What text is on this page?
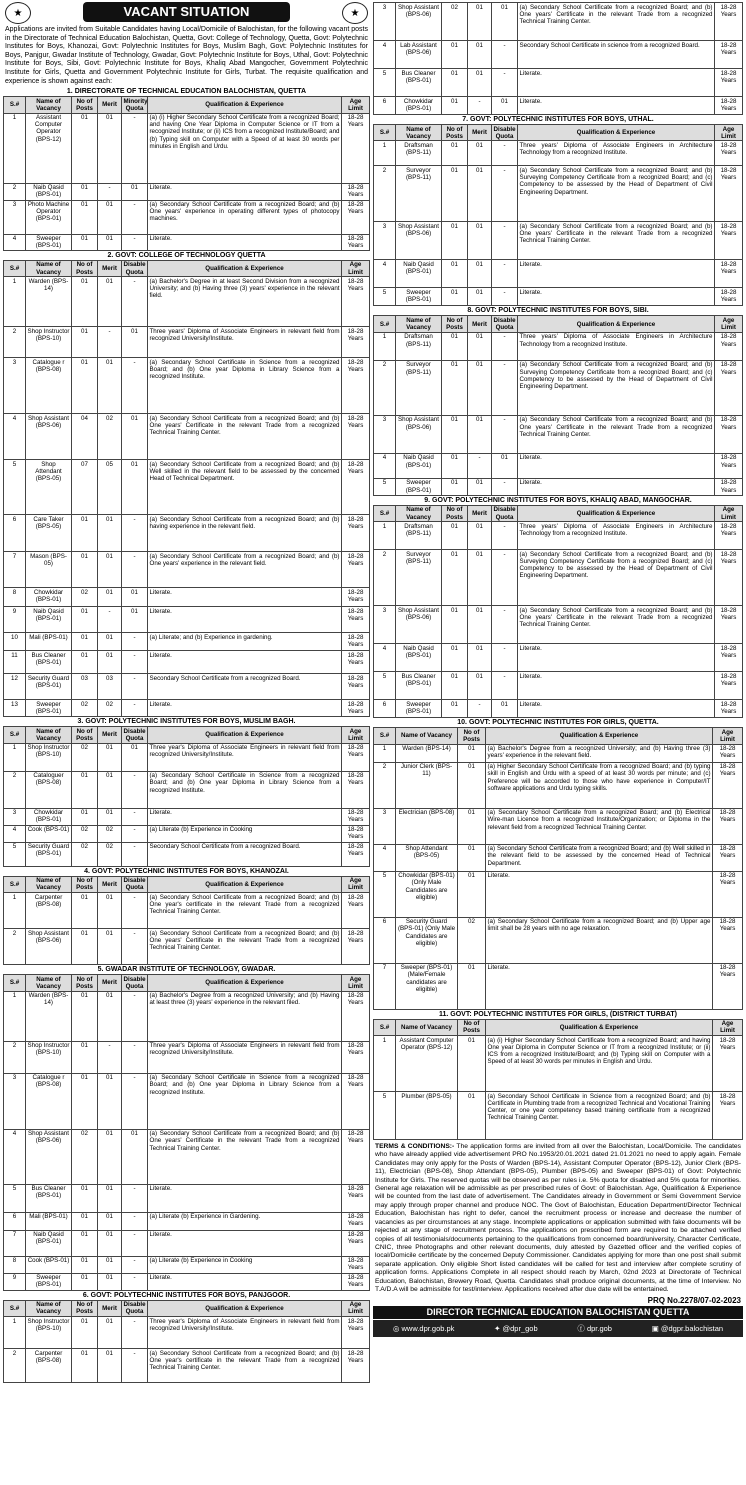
★	VACANT SITUATION	★
Applications are invited from Suitable Candidates having Local/Domicile of Balochistan, for the following vacant posts in the Directorate of Technical Education Balochistan, Quetta, Govt: College of Technology, Quetta, Govt: Polytechnic Institutes for Boys, Khanozai, Govt: Polytechnic Institutes for Boys, Muslim Bagh, Govt: Polytechnic Institutes for Boys, Panjgur, Gwadar Institute of Technology, Gwadar, Govt: Polytechnic Institute for Boys, Uthal, Govt: Polytechnic Institute for Boys, Sibi, Govt: Polytechnic Institute for Boys, Khaliq Abad Mangocher, Government Polytechnic Institute for Girls, Quetta and Government Polytechnic Institute for Girls, Turbat. The requisite qualification and experience is shown against each:
1. DIRECTORATE OF TECHNICAL EDUCATION BALOCHISTAN, QUETTA
S.#	Name of Vacancy	No of Posts	Merit	Minority Quota	Qualification & Experience	Age Limit
1	Assistant Computer Operator (BPS-12)	01	01	-	(a) (i) Higher Secondary School Certificate from a recognized Board; and having One Year Diploma in Computer Science or IT from a recognized Institute; or (ii) ICS from a recognized Institute/Board; and (b) Typing skill on Computer with a Speed of at least 30 words per minutes in English and Urdu.	18-28 Years
2	Naib Qasid (BPS-01)	01	-	01	Literate.	18-28 Years
3	Photo Machine Operator (BPS-01)	01	01	-	(a) Secondary School Certificate from a recognized Board; and (b) One years' experience in operating different types of photocopy machines.	18-28 Years
4	Sweeper (BPS-01)	01	01	-	Literate.	18-28 Years
2. GOVT: COLLEGE OF TECHNOLOGY QUETTA
S.#	Name of Vacancy	No of Posts	Merit	Disable Quota	Qualification & Experience	Age Limit
1	Warden (BPS-14)	01	01	-	(a) Bachelor's Degree in at least Second Division from a recognized University; and (b) Having three (3) years' experience in the relevant field.	18-28 Years
2	Shop Instructor (BPS-10)	01	-	01	Three years' Diploma of Associate Engineers in relevant field from recognized University/Institute.	18-28 Years
3	Catalogue r (BPS-08)	01	01	-	(a) Secondary School Certificate in Science from a recognized Board; and (b) One year Diploma in Library Science from a recognized Institute.	18-28 Years
4	Shop Assistant (BPS-06)	04	02	01	(a) Secondary School Certificate from a recognized Board; and (b) One years' Certificate in the relevant Trade from a recognized Technical Training Center.	18-28 Years
5	Shop Attendant (BPS-05)	07	05	01	(a) Secondary School Certificate from a recognized Board; and (b) Well skilled in the relevant field to be assessed by the concerned Head of Technical Department.	18-28 Years
6	Care Taker (BPS-05)	01	01	-	(a) Secondary School Certificate from a recognized Board; and (b) having experience in the relevant field.	18-28 Years
7	Mason (BPS-05)	01	01	-	(a) Secondary School Certificate from a recognized Board; and (b) One years' experience in the relevant field.	18-28 Years
8	Chowkidar (BPS-01)	02	01	01	Literate.	18-28 Years
9	Naib Qasid (BPS-01)	01	-	01	Literate.	18-28 Years
10	Mali (BPS-01)	01	01	-	(a) Literate; and (b) Experience in gardening.	18-28 Years
11	Bus Cleaner (BPS-01)	01	01	-	Literate.	18-28 Years
12	Security Guard (BPS-01)	03	03	-	Secondary School Certificate from a recognized Board.	18-28 Years
13	Sweeper (BPS-01)	02	02	-	Literate.	18-28 Years
3. GOVT: POLYTECHNIC INSTITUTES FOR BOYS, MUSLIM BAGH.
S.#	Name of Vacancy	No of Posts	Merit	Disable Quota	Qualification & Experience	Age Limit
1	Shop Instructor (BPS-10)	02	01	01	Three year's Diploma of Associate Engineers in relevant field from recognized University/Institute.	18-28 Years
2	Cataloguer (BPS-08)	01	01	-	(a) Secondary School Certificate in Science from a recognized Board; and (b) One year Diploma in Library Science from a recognized Institute.	18-28 Years
3	Chowkidar (BPS-01)	01	01	-	Literate.	18-28 Years
4	Cook (BPS-01)	02	02	-	(a) Literate (b) Experience in Cooking	18-28 Years
5	Security Guard (BPS-01)	02	02	-	Secondary School Certificate from a recognized Board.	18-28 Years
4. GOVT: POLYTECHNIC INSTITUTES FOR BOYS, KHANOZAI.
S.#	Name of Vacancy	No of Posts	Merit	Disable Quota	Qualification & Experience	Age Limit
1	Carpenter (BPS-08)	01	01	-	(a) Secondary School Certificate from a recognized Board; and (b) One year's certificate in the relevant Trade from a recognized Technical Training Center.	18-28 Years
2	Shop Assistant (BPS-06)	01	01	-	(a) Secondary School Certificate from a recognized Board; and (b) One years' Certificate in the relevant Trade from a recognized Technical Training Center.	18-28 Years
5. GWADAR INSTITUTE OF TECHNOLOGY, GWADAR.
S.#	Name of Vacancy	No of Posts	Merit	Disable Quota	Qualification & Experience	Age Limit
1	Warden (BPS-14)	01	01	-	(a) Bachelor's Degree from a recognized University; and (b) Having at least three (3) years' experience in the relevant filed.	18-28 Years
2	Shop Instructor (BPS-10)	01	-	-	Three year's Diploma of Associate Engineers in relevant field from recognized University/Institute.	18-28 Years
3	Catalogue r (BPS-08)	01	01	-	(a) Secondary School Certificate in Science from a recognized Board; and (b) One year Diploma in Library Science from a recognized Institute.	18-28 Years
4	Shop Assistant (BPS-06)	02	01	01	(a) Secondary School Certificate from a recognized Board; and (b) One years' Certificate in the relevant Trade from a recognized Technical Training Center.	18-28 Years
5	Bus Cleaner (BPS-01)	01	01	-	Literate.	18-28 Years
6	Mali (BPS-01)	01	01	-	(a) Literate (b) Experience in Gardening.	18-28 Years
7	Naib Qasid (BPS-01)	01	01	-	Literate.	18-28 Years
8	Cook (BPS-01)	01	01	-	(a) Literate (b) Experience in Cooking	18-28 Years
9	Sweeper (BPS-01)	01	01	-	Literate.	18-28 Years
6. GOVT: POLYTECHNIC INSTITUTES FOR BOYS, PANJGOOR.
S.#	Name of Vacancy	No of Posts	Merit	Disable Quota	Qualification & Experience	Age Limit
1	Shop Instructor (BPS-10)	01	01	-	Three year's Diploma of Associate Engineers in relevant field from recognized University/Institute.	18-28 Years
2	Carpenter (BPS-08)	01	01	-	(a) Secondary School Certificate from a recognized Board; and (b) One year's certificate in the relevant Trade from a recognized Technical Training Center.	18-28 Years
3	Shop Assistant (BPS-06)	02	01	01	(a) Secondary School Certificate from a recognized Board; and (b) One years' Certificate in the relevant Trade from a recognized Technical Training Center.	18-28 Years
4	Lab Assistant (BPS-06)	01	01	-	Secondary School Certificate in science from a recognized Board.	18-28 Years
5	Bus Cleaner (BPS-01)	01	01	-	Literate.	18-28 Years
6	Chowkidar (BPS-01)	01	-	01	Literate.	18-28 Years
7. GOVT: POLYTECHNIC INSTITUTES FOR BOYS, UTHAL.
S.#	Name of Vacancy	No of Posts	Merit	Disable Quota	Qualification & Experience	Age Limit
1	Draftsman (BPS-11)	01	01	-	Three years' Diploma of Associate Engineers in Architecture Technology from a recognized Institute.	18-28 Years
2	Surveyor (BPS-11)	01	01	-	(a) Secondary School Certificate from a recognized Board; and (b) Surveying Competency Certificate from a recognized Board; and (c) Competency to be assessed by the Head of Department of Civil Engineering Department.	18-28 Years
3	Shop Assistant (BPS-06)	01	01	-	(a) Secondary School Certificate from a recognized Board; and (b) One years' Certificate in the relevant Trade from a recognized Technical Training Center.	18-28 Years
4	Naib Qasid (BPS-01)	01	01	-	Literate.	18-28 Years
5	Sweeper (BPS-01)	01	01	-	Literate.	18-28 Years
8. GOVT: POLYTECHNIC INSTITUTES FOR BOYS, SIBI.
S.#	Name of Vacancy	No of Posts	Merit	Disable Quota	Qualification & Experience	Age Limit
1	Draftsman (BPS-11)	01	01	-	Three years' Diploma of Associate Engineers in Architecture Technology from a recognized Institute.	18-28 Years
2	Surveyor (BPS-11)	01	01	-	(a) Secondary School Certificate from a recognized Board; and (b) Surveying Competency Certificate from a recognized Board; and (c) Competency to be assessed by the Head of Department of Civil Engineering Department.	18-28 Years
3	Shop Assistant (BPS-06)	01	01	-	(a) Secondary School Certificate from a recognized Board; and (b) One years' Certificate in the relevant Trade from a recognized Technical Training Center.	18-28 Years
4	Naib Qasid (BPS-01)	01	-	01	Literate.	18-28 Years
5	Sweeper (BPS-01)	01	01	-	Literate.	18-28 Years
9. GOVT: POLYTECHNIC INSTITUTES FOR BOYS, KHALIQ ABAD, MANGOCHAR.
S.#	Name of Vacancy	No of Posts	Merit	Disable Quota	Qualification & Experience	Age Limit
1	Draftsman (BPS-11)	01	01	-	Three years' Diploma of Associate Engineers in Architecture Technology from a recognized Institute.	18-28 Years
2	Surveyor (BPS-11)	01	01	-	(a) Secondary School Certificate from a recognized Board; and (b) Surveying Competency Certificate from a recognized Board; and (c) Competency to be assessed by the Head of Department of Civil Engineering Department.	18-28 Years
3	Shop Assistant (BPS-06)	01	01	-	(a) Secondary School Certificate from a recognized Board; and (b) One years' Certificate in the relevant Trade from a recognized Technical Training Center.	18-28 Years
4	Naib Qasid (BPS-01)	01	01	-	Literate.	18-28 Years
5	Bus Cleaner (BPS-01)	01	01	-	Literate.	18-28 Years
6	Sweeper (BPS-01)	01	-	01	Literate.	18-28 Years
10. GOVT: POLYTECHNIC INSTITUTES FOR GIRLS, QUETTA.
S.#	Name of Vacancy	No of Posts	Qualification & Experience	Age Limit
1	Warden (BPS-14)	01	(a) Bachelor's Degree from a recognized University; and (b) Having three (3) years' experience in the relevant field.	18-28 Years
2	Junior Clerk (BPS-11)	01	(a) Higher Secondary School Certificate from a recognized Board; and (b) typing skill in English and Urdu with a speed of at least 30 words per minute; and (c) Preference will be accorded to those who have experience in Computer/IT software applications and Urdu typing skills.	18-28 Years
3	Electrician (BPS-08)	01	(a) Secondary School Certificate from a recognized Board; and (b) Electrical Wire-man Licence from a recognized Institute/Organization; or Diploma in the relevant field from a recognized Technical Training Center.	18-28 Years
4	Shop Attendant (BPS-05)	01	(a) Secondary School Certificate from a recognized Board; and (b) Well skilled in the relevant field to be assessed by the concerned Head of Technical Department.	18-28 Years
5	Chowkidar (BPS-01) (Only Male Candidates are eligible)	01	Literate.	18-28 Years
6	Security Guard (BPS-01) (Only Male Candidates are eligible)	02	(a) Secondary School Certificate from a recognized Board; and (b) Upper age limit shall be 28 years with no age relaxation.	18-28 Years
7	Sweeper (BPS-01) (Male/Female candidates are eligible)	01	Literate.	18-28 Years
11. GOVT: POLYTECHNIC INSTITUTES FOR GIRLS, (DISTRICT TURBAT)
S.#	Name of Vacancy	No of Posts	Qualification & Experience	Age Limit
1	Assistant Computer Operator (BPS-12)	01	(a) (i) Higher Secondary School Certificate from a recognized Board; and having One year Diploma in Computer Science or IT from a recognized Institute; or (ii) ICS from a recognized Institute/Board; and (b) Typing skill on Computer with a Speed of at least 30 words per minutes in English and Urdu.	18-28 Years
5	Plumber (BPS-05)	01	(a) Secondary School Certificate in Science from a recognized Board; and (b) Certificate in Plumbing trade from a recognized Technical and Vocational Training Center, or one year competency based training certificate from a recognized Technical Training Center.	18-28 Years
TERMS & CONDITIONS:- The application forms are invited from all over the Balochistan, Local/Domicile. The candidates who have already applied vide advertisement PRO No.1953/20.01.2021 dated 21.01.2021 no need to apply again. Female Candidates may only apply for the Posts of Warden (BPS-14), Assistant Computer Operator (BPS-12), Junior Clerk (BPS-11), Electrician (BPS-08), Shop Attendant (BPS-05), Plumber (BPS-05) and Sweeper (BPS-01) of Govt: Polytechnic Institute for Girls. The reserved quotas will be observed as per rules i.e. 5% quota for disabled and 5% quota for minorities. General age relaxation will be admissible as per prescribed rules of Govt: of Balochistan. Age, Qualification & Experience will be counted from the last date of advertisement. The Candidates already in Government or Semi Government Service may apply through proper channel and produce NOC. The Govt of Balochistan, Education Department/Director Technical Education, Balochistan has right to defer, cancel the recruitment process or increase and decrease the number of vacancies as per circumstances at any stage. Incomplete applications or application submitted with fake documents will be rejected at any stage of recruitment process. The applications on prescribed form are required to be attached verified copies of all testimonials/documents pertaining to the qualifications from concerned board/university, Character Certificate, CNIC, three Photographs and other relevant documents, duly attested by Gazetted officer and the verified copies of local/Domicile certificate by the concerned Deputy Commissioner. Candidates applying for more than one post shall submit separate application. Only eligible Short listed candidates will be called for test and interview after complete scrutiny of application forms. Applications Complete in all respect should reach by March, 02nd 2023 at Directorate of Technical Education, Balochistan, Brewery Road, Quetta. Candidates shall produce original documents, at the time of Interview. No T.A/D.A will be admissible for test/interview. Applications received after due date will be entertained.
PRQ No.2278/07-02-2023
DIRECTOR TECHNICAL EDUCATION BALOCHISTAN QUETTA
◎ www.dpr.gob.pk	✦ @dpr_gob	ⓕ dpr.gob	▣ @dgpr.balochistan
